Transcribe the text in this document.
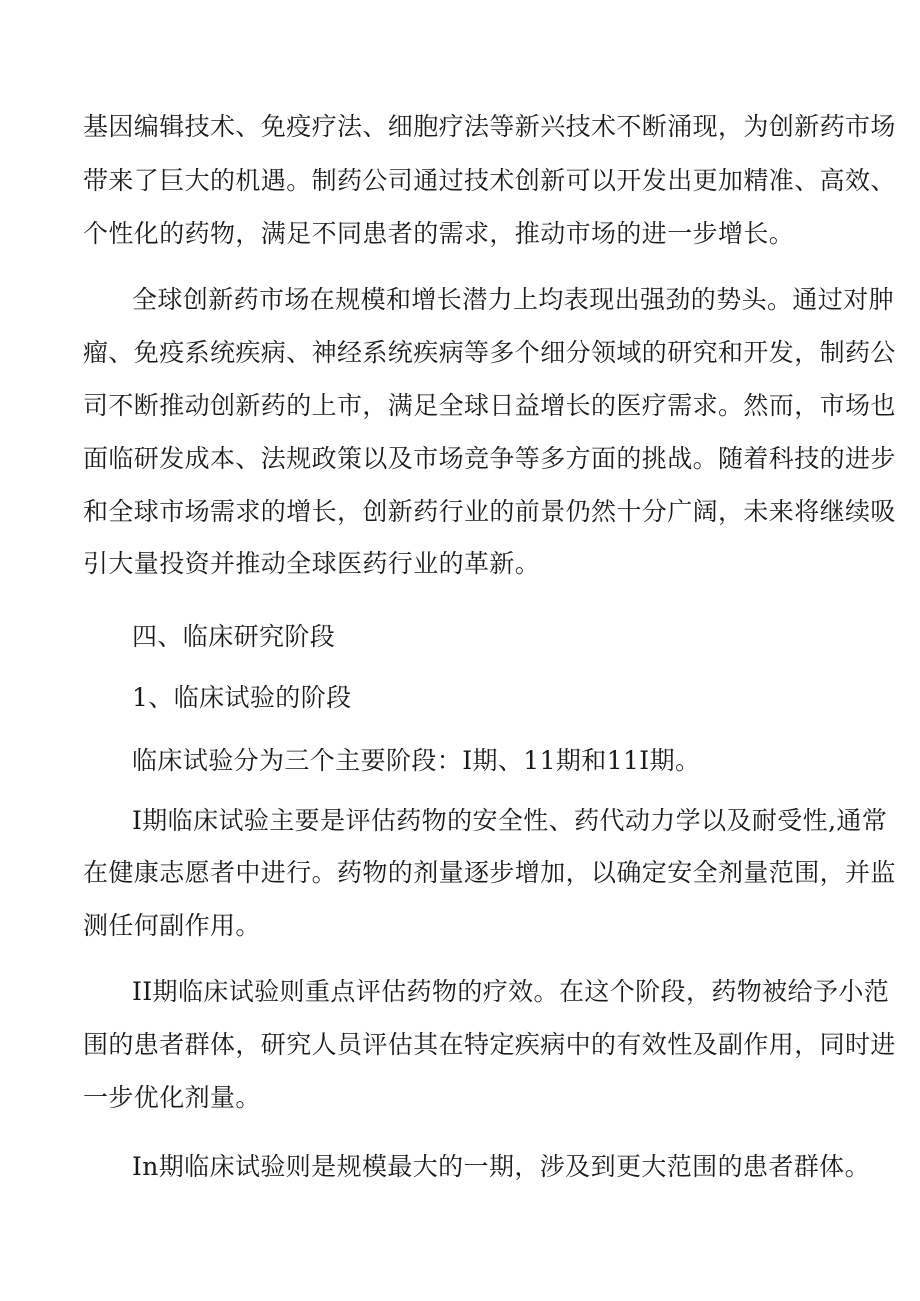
基因编辑技术、免疫疗法、细胞疗法等新兴技术不断涌现，为创新药市场

带来了巨大的机遇。制药公司通过技术创新可以开发出更加精准、高效、

个性化的药物，满足不同患者的需求，推动市场的进一步增长。

全球创新药市场在规模和增长潜力上均表现出强劲的势头。通过对肿

瘤、免疫系统疾病、神经系统疾病等多个细分领域的研究和开发，制药公

司不断推动创新药的上市，满足全球日益增长的医疗需求。然而，市场也

面临研发成本、法规政策以及市场竞争等多方面的挑战。随着科技的进步

和全球市场需求的增长，创新药行业的前景仍然十分广阔，未来将继续吸

引大量投资并推动全球医药行业的革新。

四、临床研究阶段

1、临床试验的阶段

临床试验分为三个主要阶段：I期、11期和11I期。

I期临床试验主要是评估药物的安全性、药代动力学以及耐受性,通常

在健康志愿者中进行。药物的剂量逐步增加，以确定安全剂量范围，并监

测任何副作用。

II期临床试验则重点评估药物的疗效。在这个阶段，药物被给予小范

围的患者群体，研究人员评估其在特定疾病中的有效性及副作用，同时进

一步优化剂量。

In期临床试验则是规模最大的一期，涉及到更大范围的患者群体。
